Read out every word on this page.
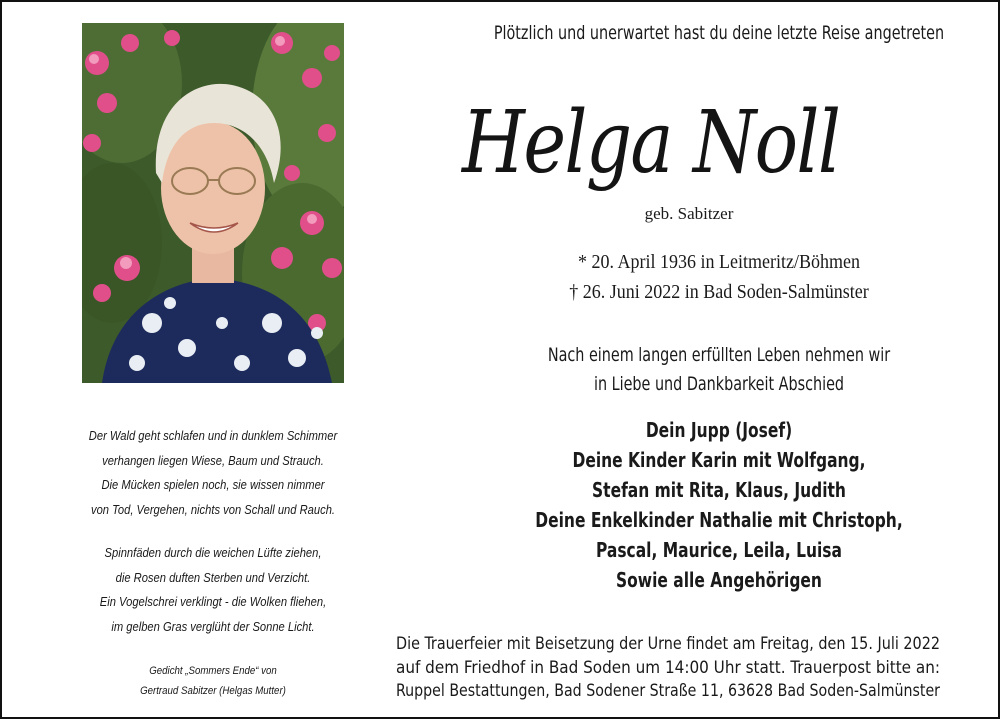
Der Wald geht schlafen und in dunklem Schimmer
verhangen liegen Wiese, Baum und Strauch.
Die Mücken spielen noch, sie wissen nimmer
von Tod, Vergehen, nichts von Schall und Rauch.
Spinnfäden durch die weichen Lüfte ziehen,
die Rosen duften Sterben und Verzicht.
Ein Vogelschrei verklingt - die Wolken fliehen,
im gelben Gras verglüht der Sonne Licht.
Gedicht „Sommers Ende“ von
Gertraud Sabitzer (Helgas Mutter)
Plötzlich und unerwartet hast du deine letzte Reise angetreten
Helga Noll
geb. Sabitzer
* 20. April 1936 in Leitmeritz/Böhmen
† 26. Juni 2022 in Bad Soden-Salmünster
Nach einem langen erfüllten Leben nehmen wir
in Liebe und Dankbarkeit Abschied
Dein Jupp (Josef)
Deine Kinder Karin mit Wolfgang,
Stefan mit Rita, Klaus, Judith
Deine Enkelkinder Nathalie mit Christoph,
Pascal, Maurice, Leila, Luisa
Sowie alle Angehörigen
Die Trauerfeier mit Beisetzung der Urne findet am Freitag, den 15. Juli 2022
auf dem Friedhof in Bad Soden um 14:00 Uhr statt. Trauerpost bitte an:
Ruppel Bestattungen, Bad Sodener Straße 11, 63628 Bad Soden-Salmünster
